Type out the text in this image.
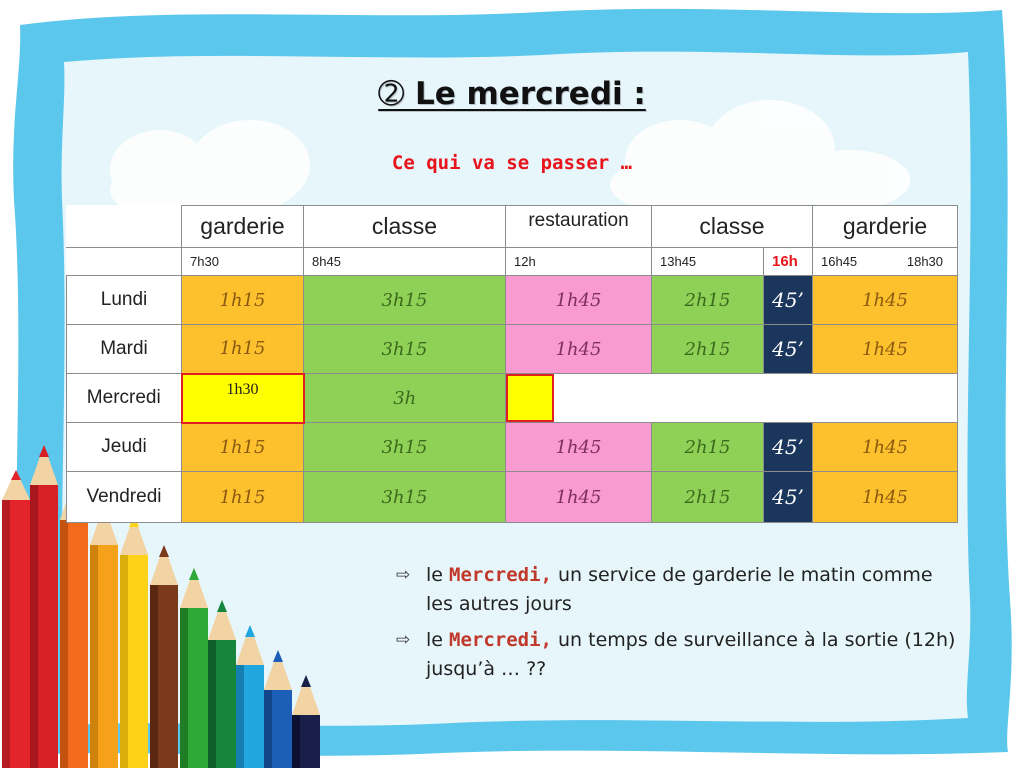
➁ Le mercredi :
Ce qui va se passer …
	garderie	classe	restauration	classe		garderie
	7h30	8h45	12h	13h45	16h	16h45 18h30

Lundi	1h15	3h15	1h45	2h15	45’	1h45
Mardi	1h15	3h15	1h45	2h15	45’	1h45
Mercredi	1h30	3h				

Jeudi	1h15	3h15	1h45	2h15	45’	1h45
Vendredi	1h15	3h15	1h45	2h15	45’	1h45
⇨ le Mercredi, un service de garderie le matin comme les autres jours
⇨ le Mercredi, un temps de surveillance à la sortie (12h) jusqu’à … ??
